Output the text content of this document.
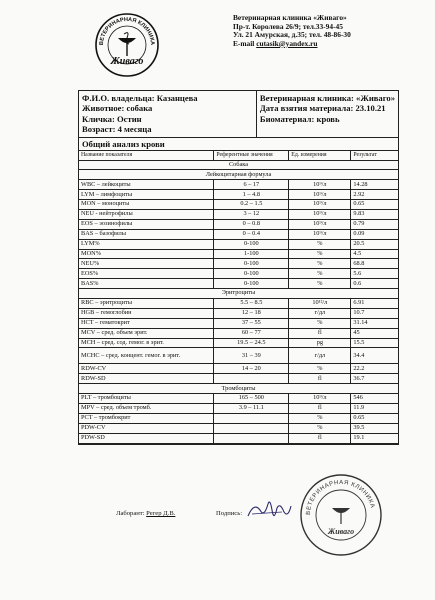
ВЕТЕРИНАРНАЯ КЛИНИКА
Живаго
Ветеринарная клиника «Живаго»
Пр-т. Королева 26/9; тел.33-94-45
Ул. 21 Амурская, д.35; тел. 48-86-30
E-mail cutasik@yandex.ru
Ф.И.О. владельца: Казанцева
Животное: собака
Кличка: Остин
Возраст: 4 месяца
Ветеринарная клиника: «Живаго»
Дата взятия материала: 23.10.21
Биоматериал: кровь
Общий анализ крови
Название показателя	Референтные значения	Ед. измерения	Результат
Собака			
Лейкоцитарная формула			
WBC – лейкоциты	6 – 17	10⁹/л	14.28
LYM – лимфоциты	1 – 4.8	10⁹/л	2.92
MON – моноциты	0.2 – 1.5	10⁹/л	0.65
NEU - нейтрофилы	3 – 12	10⁹/л	9.83
EOS – эозинофилы	0 – 0.8	10⁹/л	0.79
BAS – базофилы	0 – 0.4	10⁹/л	0.09
LYM%	0-100	%	20.5
MON%	1-100	%	4.5
NEU%	0-100	%	68.8
EOS%	0-100	%	5.6
BAS%	0-100	%	0.6
Эритроциты			
RBC – эритроциты	5.5 – 8.5	10¹²/л	6.91
HGB – гемоглобин	12 – 18	г/дл	10.7
HCT – гематокрит	37 – 55	%	31.14
MCV – сред. объем эрит.	60 – 77	fl	45
MCH – сред. сод. гемог. в эрит.	19.5 – 24.5	pg	15.5
MCHC – сред. концент. гемог. в эрит.	31 – 39	г/дл	34.4
RDW-CV	14 – 20	%	22.2
RDW-SD		fl	36.7
Тромбоциты			
PLT – тромбоциты	165 – 500	10⁹/л	546
MPV – сред. объем тромб.	3.9 – 11.1	fl	11.9
PCT – тромбокрит		%	0.65
PDW-CV		%	39.5
PDW-SD		fl	19.1
Лаборант: Регер Д.В.	Подпись:	ВЕТЕРИНАРНАЯ КЛИНИКА
Живаго
